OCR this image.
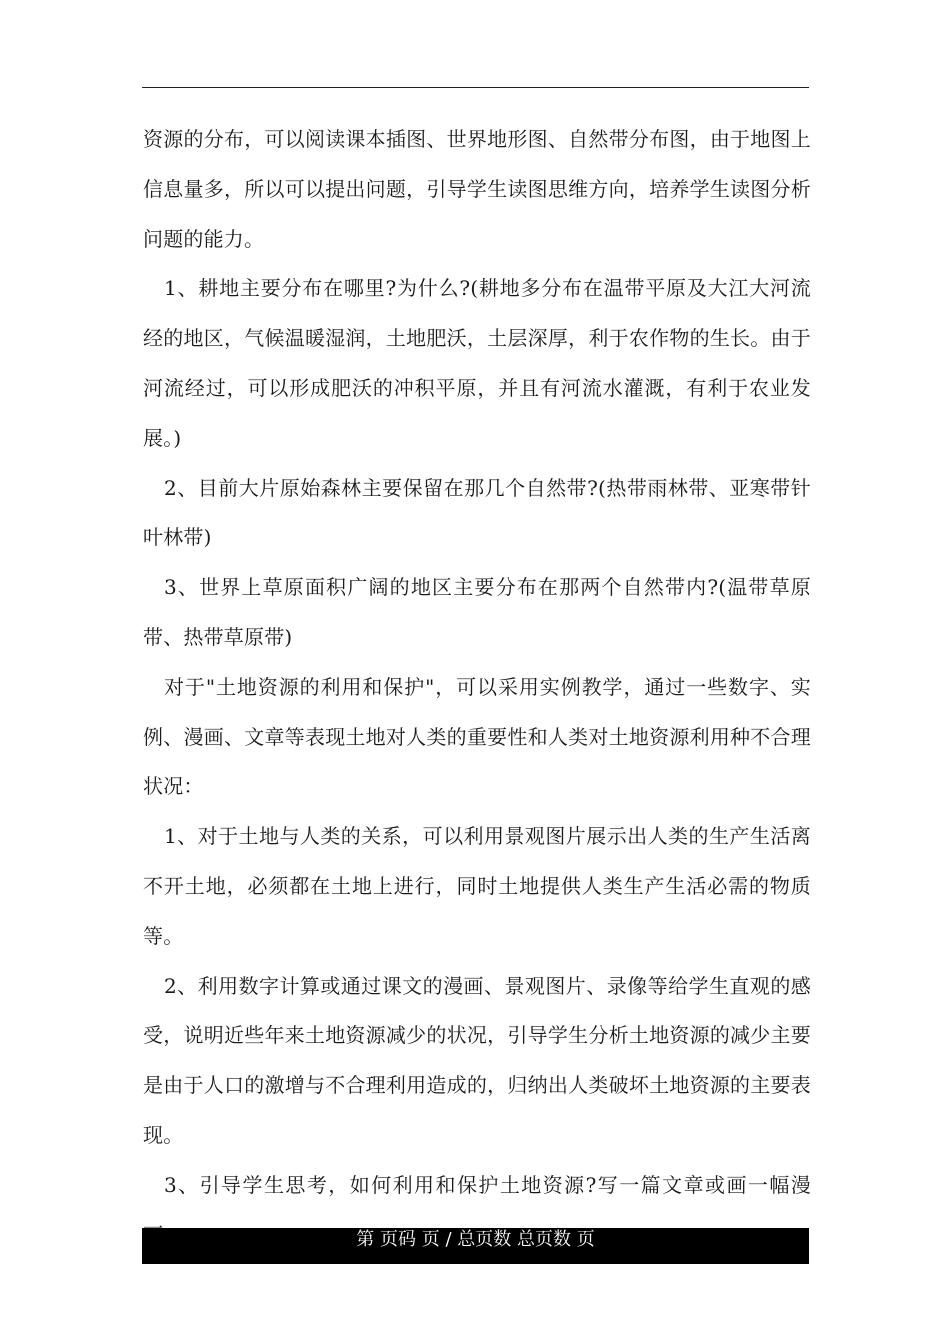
资源的分布，可以阅读课本插图、世界地形图、自然带分布图，由于地图上信息量多，所以可以提出问题，引导学生读图思维方向，培养学生读图分析问题的能力。

1、耕地主要分布在哪里?为什么?(耕地多分布在温带平原及大江大河流经的地区，气候温暖湿润，土地肥沃，土层深厚，利于农作物的生长。由于河流经过，可以形成肥沃的冲积平原，并且有河流水灌溉，有利于农业发展。)

2、目前大片原始森林主要保留在那几个自然带?(热带雨林带、亚寒带针叶林带)

3、世界上草原面积广阔的地区主要分布在那两个自然带内?(温带草原带、热带草原带)

对于"土地资源的利用和保护"，可以采用实例教学，通过一些数字、实例、漫画、文章等表现土地对人类的重要性和人类对土地资源利用种不合理状况：

1、对于土地与人类的关系，可以利用景观图片展示出人类的生产生活离不开土地，必须都在土地上进行，同时土地提供人类生产生活必需的物质等。

2、利用数字计算或通过课文的漫画、景观图片、录像等给学生直观的感受，说明近些年来土地资源减少的状况，引导学生分析土地资源的减少主要是由于人口的激增与不合理利用造成的，归纳出人类破坏土地资源的主要表现。

3、引导学生思考，如何利用和保护土地资源?写一篇文章或画一幅漫

第 页码 页 / 总页数 总页数 页
